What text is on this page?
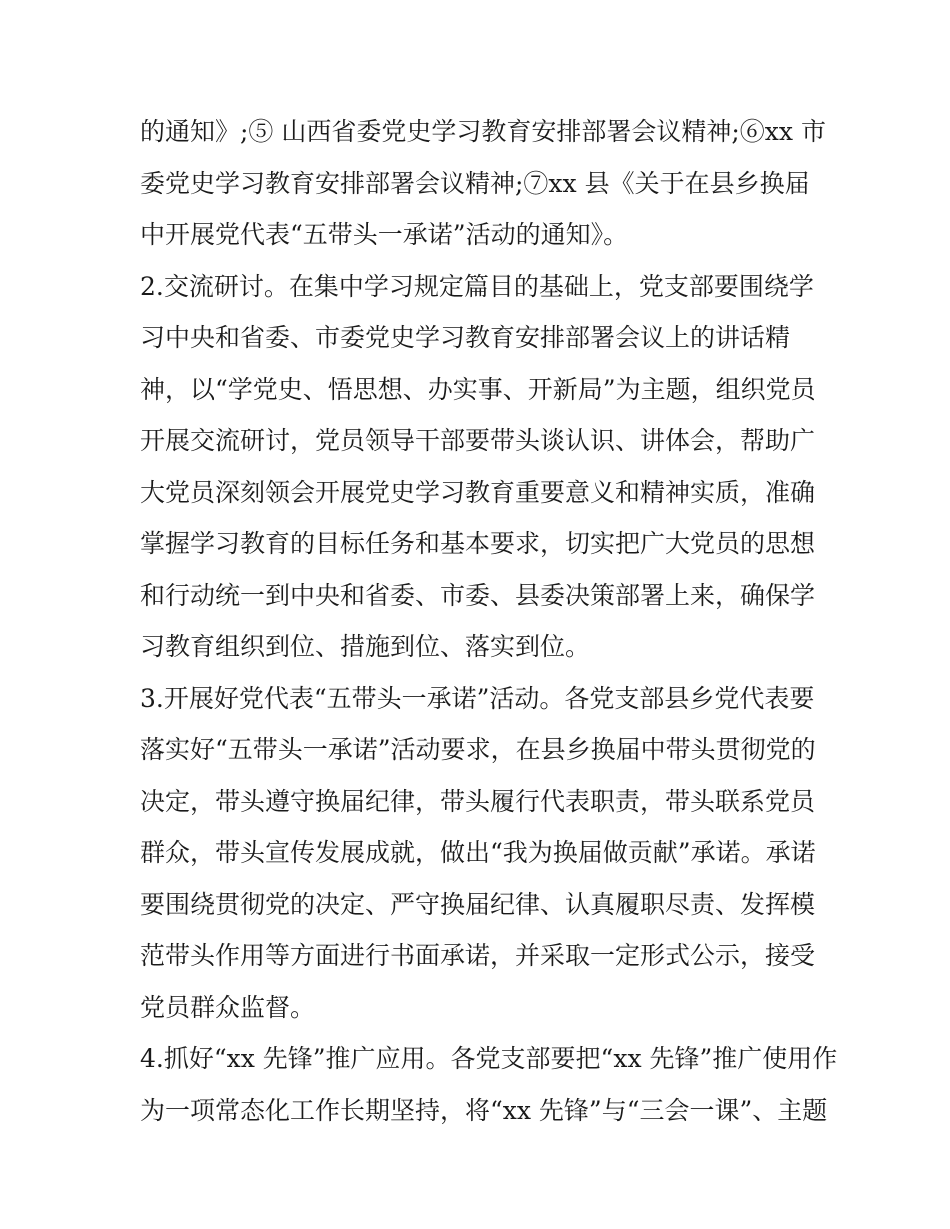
的通知》;⑤ 山西省委党史学习教育安排部署会议精神;⑥xx 市
委党史学习教育安排部署会议精神;⑦xx 县《关于在县乡换届
中开展党代表“五带头一承诺”活动的通知》。
2.交流研讨。在集中学习规定篇目的基础上，党支部要围绕学
习中央和省委、市委党史学习教育安排部署会议上的讲话精
神，以“学党史、悟思想、办实事、开新局”为主题，组织党员
开展交流研讨，党员领导干部要带头谈认识、讲体会，帮助广
大党员深刻领会开展党史学习教育重要意义和精神实质，准确
掌握学习教育的目标任务和基本要求，切实把广大党员的思想
和行动统一到中央和省委、市委、县委决策部署上来，确保学
习教育组织到位、措施到位、落实到位。
3.开展好党代表“五带头一承诺”活动。各党支部县乡党代表要
落实好“五带头一承诺”活动要求，在县乡换届中带头贯彻党的
决定，带头遵守换届纪律，带头履行代表职责，带头联系党员
群众，带头宣传发展成就，做出“我为换届做贡献”承诺。承诺
要围绕贯彻党的决定、严守换届纪律、认真履职尽责、发挥模
范带头作用等方面进行书面承诺，并采取一定形式公示，接受
党员群众监督。
4.抓好“xx 先锋”推广应用。各党支部要把“xx 先锋”推广使用作
为一项常态化工作长期坚持，将“xx 先锋”与“三会一课”、主题
